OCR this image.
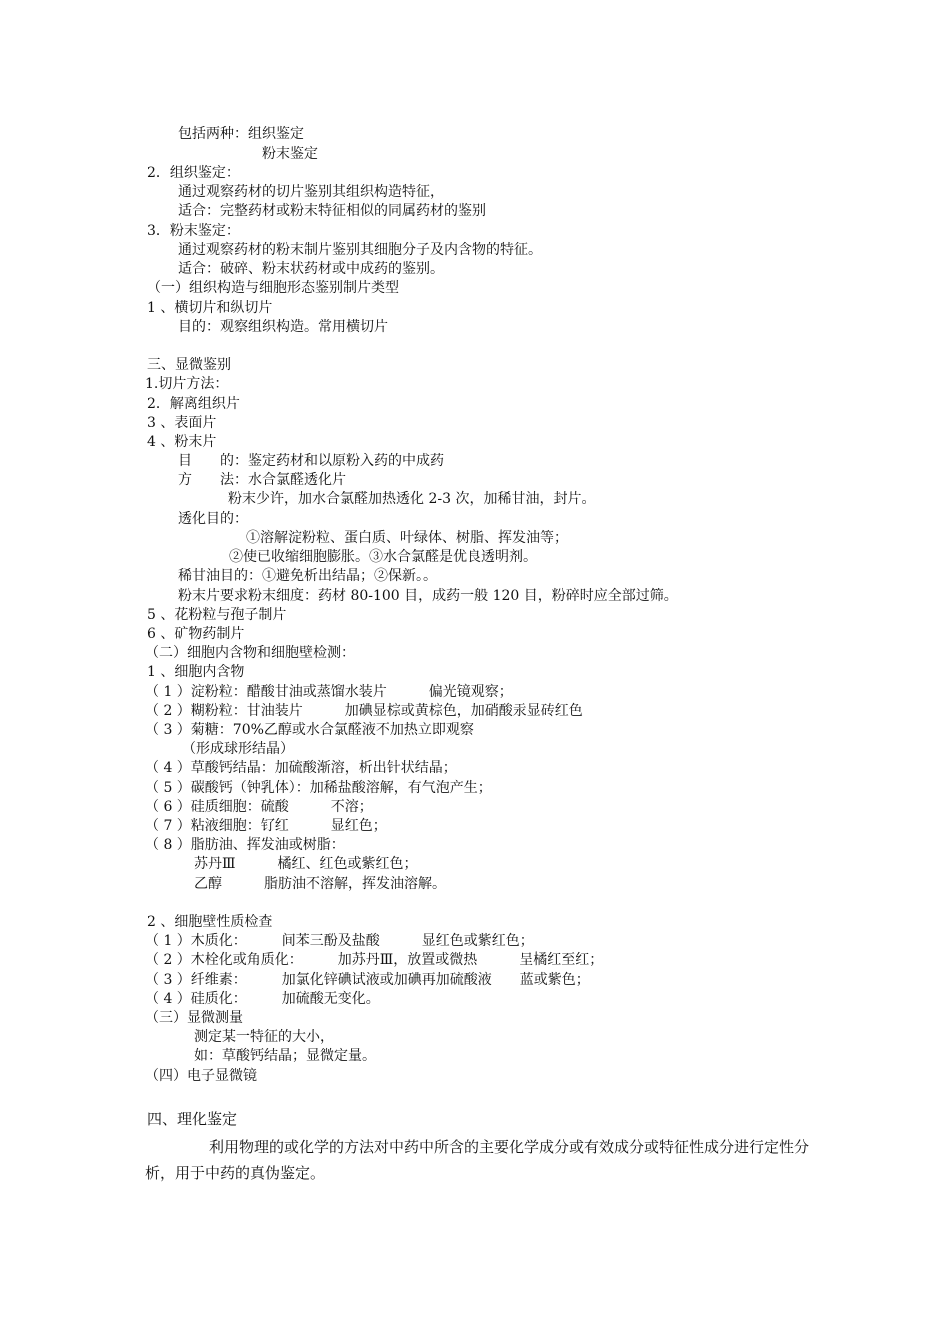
包括两种：组织鉴定
粉末鉴定
2．组织鉴定：
通过观察药材的切片鉴别其组织构造特征，
适合：完整药材或粉末特征相似的同属药材的鉴别
3．粉末鉴定：
通过观察药材的粉末制片鉴别其细胞分子及内含物的特征。
适合：破碎、粉末状药材或中成药的鉴别。
（一）组织构造与细胞形态鉴别制片类型
1 、横切片和纵切片
目的：观察组织构造。常用横切片
三、显微鉴别
1.切片方法：
2．解离组织片
3 、表面片
4 、粉末片
目　　的：鉴定药材和以原粉入药的中成药
方　　法：水合氯醛透化片
粉末少许，加水合氯醛加热透化 2-3 次，加稀甘油，封片。
透化目的：
①溶解淀粉粒、蛋白质、叶绿体、树脂、挥发油等；
②使已收缩细胞膨胀。③水合氯醛是优良透明剂。
稀甘油目的：①避免析出结晶；②保新。。
粉末片要求粉末细度：药材 80-100 目，成药一般 120 目，粉碎时应全部过筛。
5 、花粉粒与孢子制片
6 、矿物药制片
（二）细胞内含物和细胞壁检测：
1 、细胞内含物
（ 1 ）淀粉粒：醋酸甘油或蒸馏水装片　　　偏光镜观察；
（ 2 ）糊粉粒：甘油装片　　　加碘显棕或黄棕色，加硝酸汞显砖红色
（ 3 ）菊糖：70%乙醇或水合氯醛液不加热立即观察
（形成球形结晶）
（ 4 ）草酸钙结晶：加硫酸渐溶，析出针状结晶；
（ 5 ）碳酸钙（钟乳体）：加稀盐酸溶解，有气泡产生；
（ 6 ）硅质细胞：硫酸　　　不溶；
（ 7 ）粘液细胞：钌红　　　显红色；
（ 8 ）脂肪油、挥发油或树脂：
苏丹Ⅲ　　　橘红、红色或紫红色；
乙醇　　　脂肪油不溶解，挥发油溶解。
2 、细胞壁性质检查
（ 1 ）木质化：　　　间苯三酚及盐酸　　　显红色或紫红色；
（ 2 ）木栓化或角质化：　　　加苏丹Ⅲ，放置或微热　　　呈橘红至红；
（ 3 ）纤维素：　　　加氯化锌碘试液或加碘再加硫酸液　　蓝或紫色；
（ 4 ）硅质化：　　　加硫酸无变化。
（三）显微测量
测定某一特征的大小，
如：草酸钙结晶；显微定量。
（四）电子显微镜
四、理化鉴定
利用物理的或化学的方法对中药中所含的主要化学成分或有效成分或特征性成分进行定性分析，用于中药的真伪鉴定。
